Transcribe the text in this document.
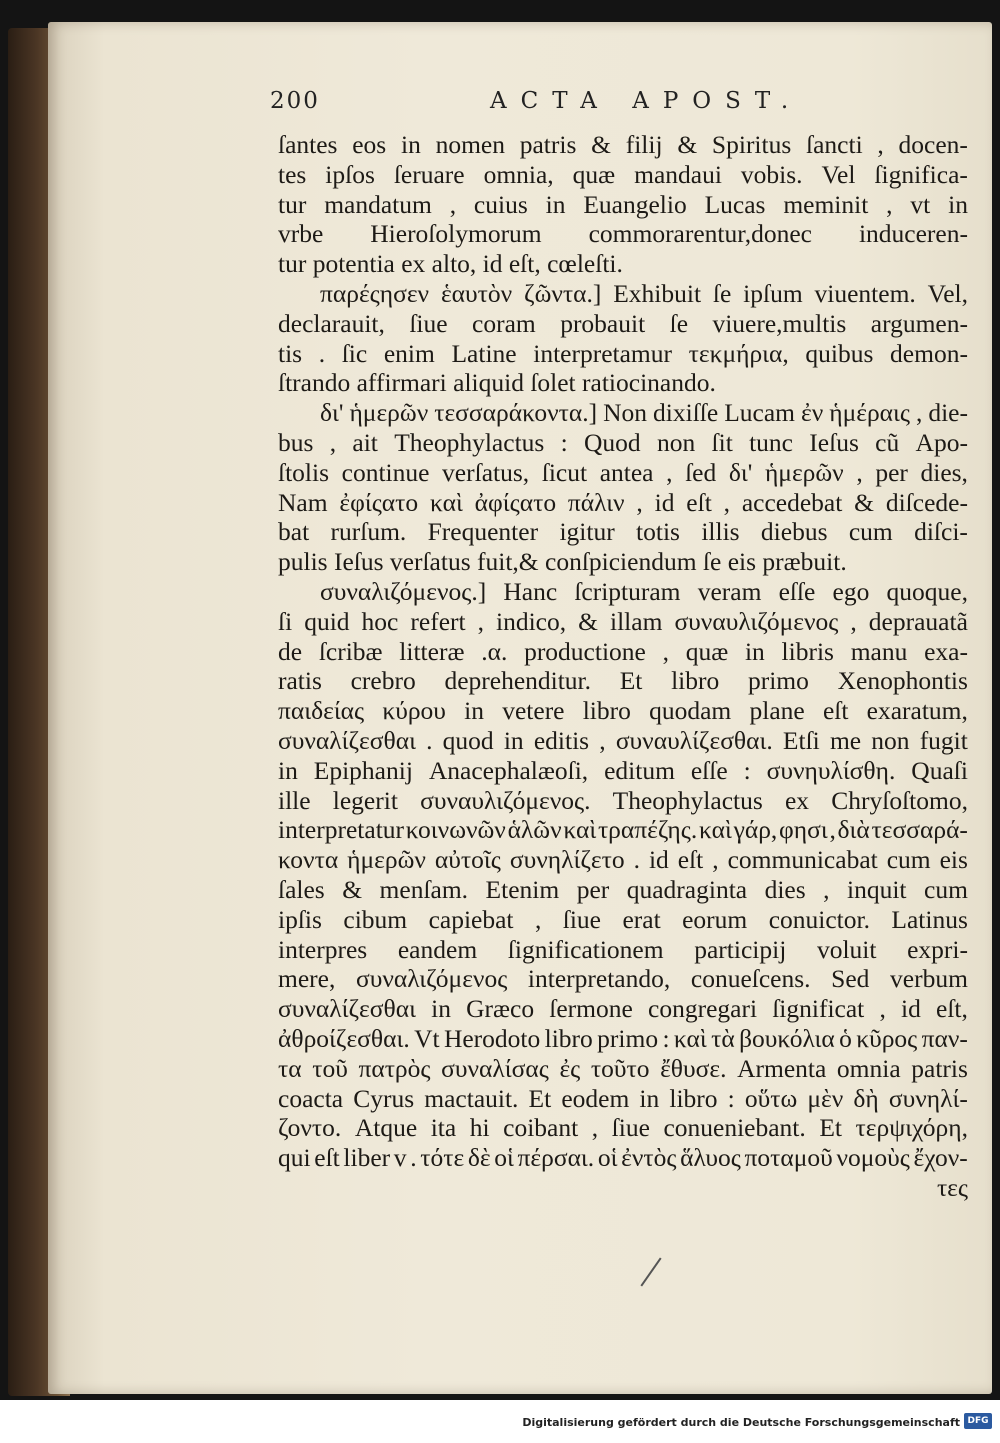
200	ACTA APOST.
ſantes eos in nomen patris & filij & Spiritus ſancti , docen-
tes ipſos ſeruare omnia, quæ mandaui vobis. Vel ſignifica-
tur mandatum , cuius in Euangelio Lucas meminit , vt in
vrbe Hieroſolymorum commorarentur,donec induceren-
tur potentia ex alto, id eſt, cœleſti.
παρέςησεν ἑαυτὸν ζῶντα.] Exhibuit ſe ipſum viuentem. Vel,
declarauit, ſiue coram probauit ſe viuere,multis argumen-
tis . ſic enim Latine interpretamur τεκμήρια, quibus demon-
ſtrando affirmari aliquid ſolet ratiocinando.
δι' ἡμερῶν τεσσαράκοντα.] Non dixiſſe Lucam ἐν ἡμέραις , die-
bus , ait Theophylactus : Quod non ſit tunc Ieſus cũ Apo-
ſtolis continue verſatus, ſicut antea , ſed δι' ἡμερῶν , per dies,
Nam ἐφίςατο καὶ ἀφίςατο πάλιν , id eſt , accedebat & diſcede-
bat rurſum. Frequenter igitur totis illis diebus cum diſci-
pulis Ieſus verſatus fuit,& conſpiciendum ſe eis præbuit.
συναλιζόμενος.] Hanc ſcripturam veram eſſe ego quoque,
ſi quid hoc refert , indico, & illam συναυλιζόμενος , deprauatã
de ſcribæ litteræ .α. productione , quæ in libris manu exa-
ratis crebro deprehenditur. Et libro primo Xenophontis
παιδείας κύρου in vetere libro quodam plane eſt exaratum,
συναλίζεσθαι . quod in editis , συναυλίζεσθαι. Etſi me non fugit
in Epiphanij Anacephalæoſi, editum eſſe : συνηυλίσθη. Quaſi
ille legerit συναυλιζόμενος. Theophylactus ex Chryſoſtomo,
interpretatur κοινωνῶν ἁλῶν καὶ τραπέζης. καὶ γάρ, φησι , διὰ τεσσαρά-
κοντα ἡμερῶν αὐτοῖς συνηλίζετο . id eſt , communicabat cum eis
ſales & menſam. Etenim per quadraginta dies , inquit cum
ipſis cibum capiebat , ſiue erat eorum conuictor. Latinus
interpres eandem ſignificationem participij voluit expri-
mere, συναλιζόμενος interpretando, conueſcens. Sed verbum
συναλίζεσθαι in Græco ſermone congregari ſignificat , id eſt,
ἀθροίζεσθαι. Vt Herodoto libro primo : καὶ τὰ βουκόλια ὁ κῦρος παν-
τα τοῦ πατρὸς συναλίσας ἐς τοῦτο ἔθυσε. Armenta omnia patris
coacta Cyrus mactauit. Et eodem in libro : οὕτω μὲν δὴ συνηλί-
ζοντο. Atque ita hi coibant , ſiue conueniebant. Et τερψιχόρη,
qui eſt liber v . τότε δὲ οἱ πέρσαι. οἱ ἐντὸς ἅλυος ποταμοῦ νομοὺς ἔχον-
τες
Digitalisierung gefördert durch die Deutsche Forschungsgemeinschaft DFG
